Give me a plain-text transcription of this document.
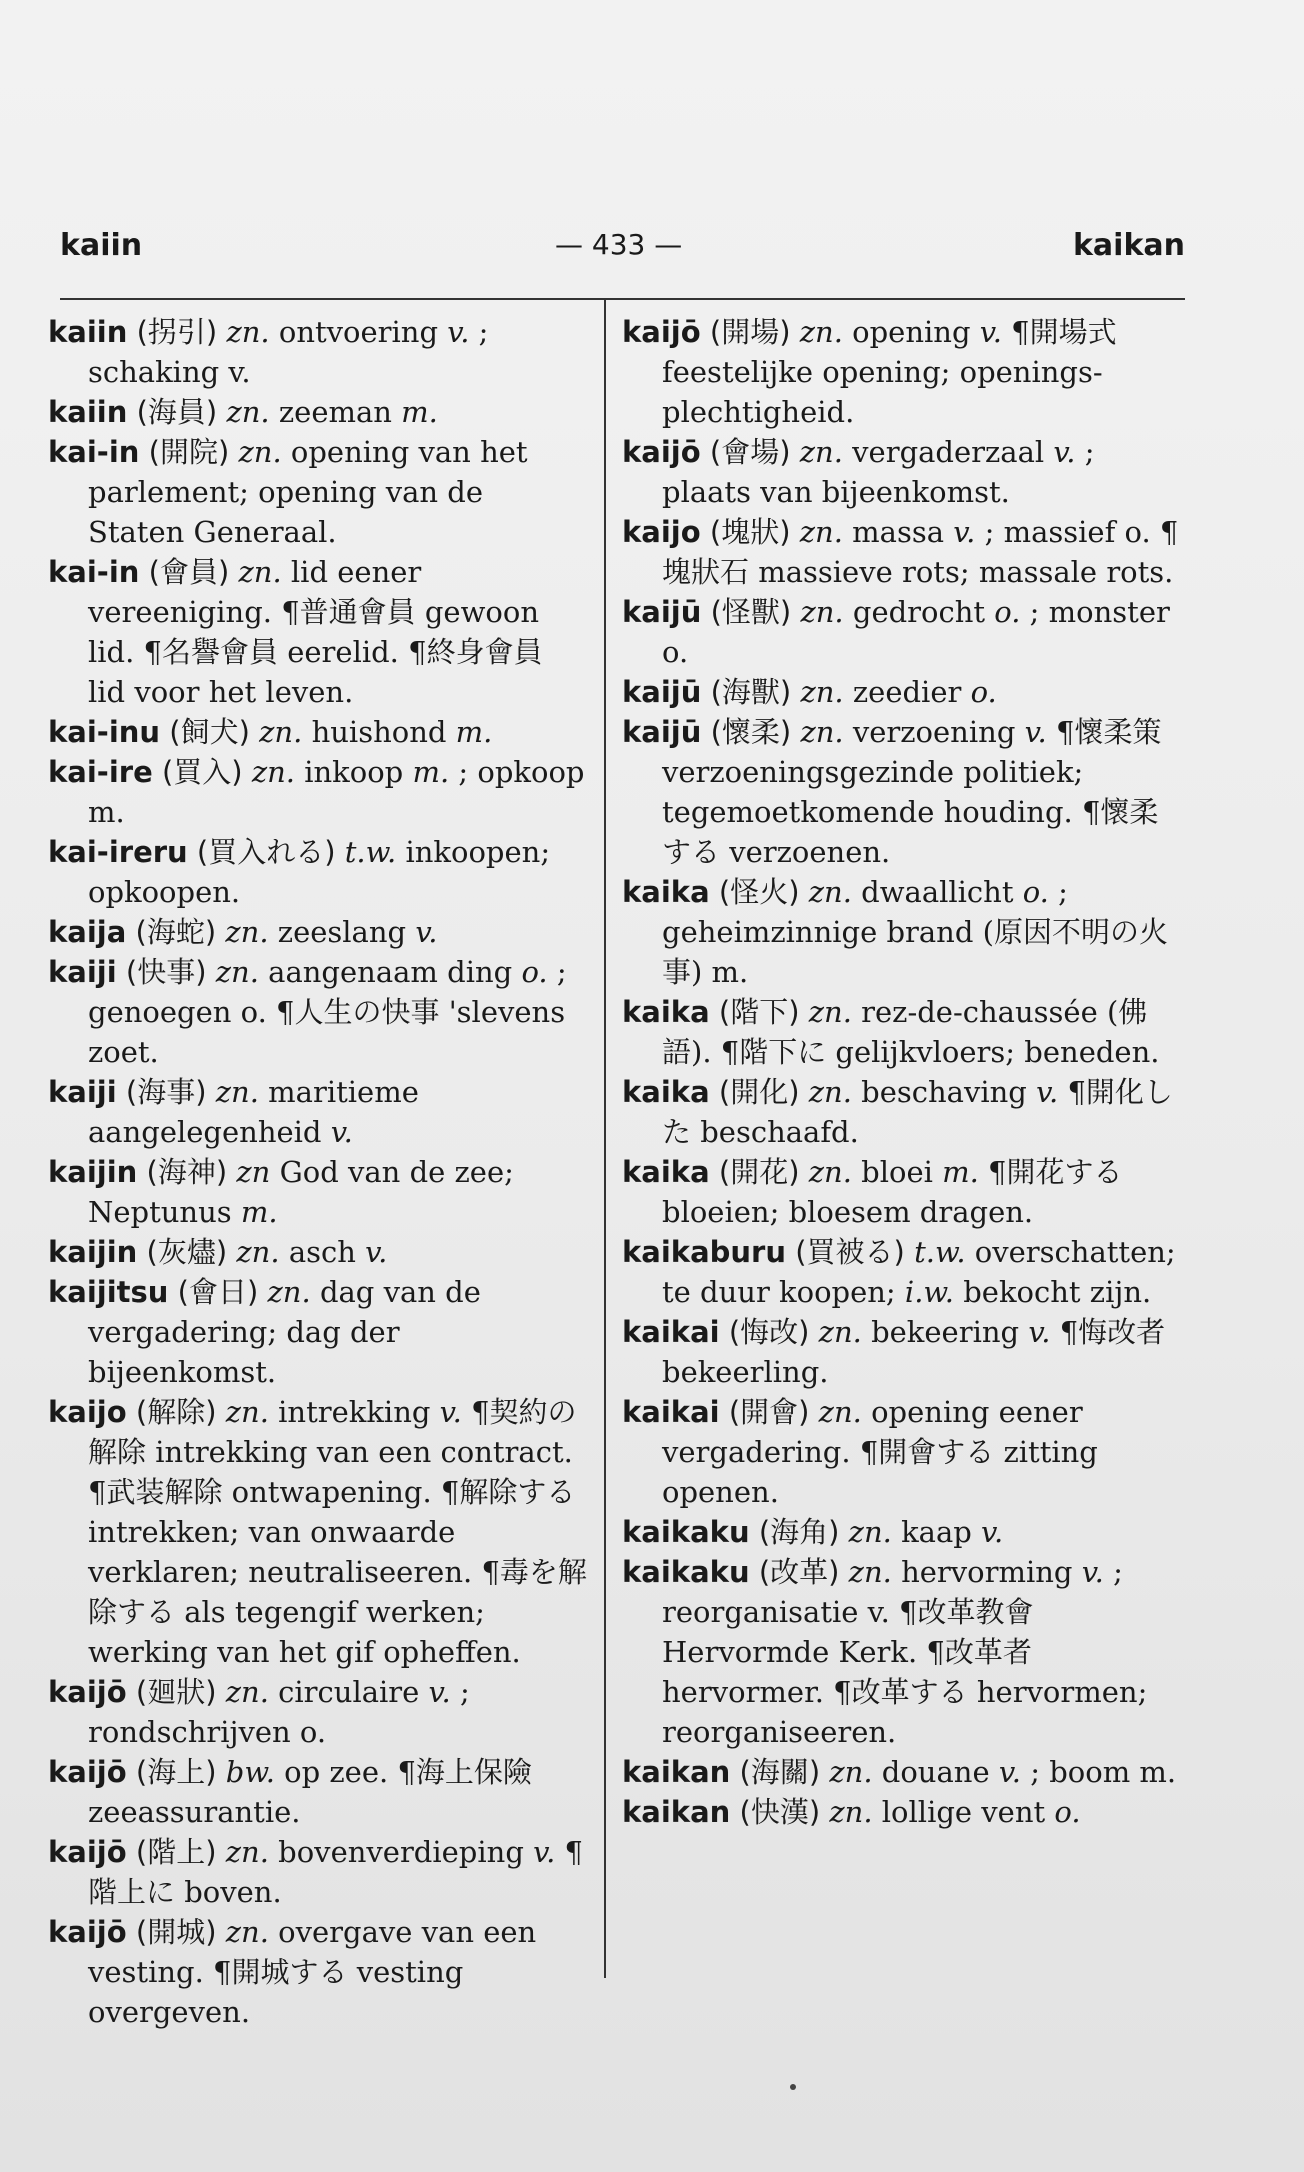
kaiin	— 433 —	kaikan

kaiin (拐引) zn. ontvoering v. ; schaking v.

kaiin (海員) zn. zeeman m.

kai-in (開院) zn. opening van het parlement; opening van de Staten Generaal.

kai-in (會員) zn. lid eener vereeniging. ¶普通會員 gewoon lid. ¶名譽會員 eerelid. ¶終身會員 lid voor het leven.

kai-inu (飼犬) zn. huishond m.

kai-ire (買入) zn. inkoop m. ; opkoop m.

kai-ireru (買入れる) t.w. inkoopen; opkoopen.

kaija (海蛇) zn. zeeslang v.

kaiji (快事) zn. aangenaam ding o. ; genoegen o. ¶人生の快事 'slevens zoet.

kaiji (海事) zn. maritieme aangelegenheid v.

kaijin (海神) zn God van de zee; Neptunus m.

kaijin (灰燼) zn. asch v.

kaijitsu (會日) zn. dag van de vergadering; dag der bijeenkomst.

kaijo (解除) zn. intrekking v. ¶契約の解除 intrekking van een contract. ¶武装解除 ontwapening. ¶解除する intrekken; van onwaarde verklaren; neutraliseeren. ¶毒を解除する als tegengif werken; werking van het gif opheffen.

kaijō (廻狀) zn. circulaire v. ; rondschrijven o.

kaijō (海上) bw. op zee. ¶海上保險 zeeassurantie.

kaijō (階上) zn. bovenverdieping v. ¶階上に boven.

kaijō (開城) zn. overgave van een vesting. ¶開城する vesting overgeven.

kaijō (開場) zn. opening v. ¶開場式 feestelijke opening; openings-plechtigheid.

kaijō (會場) zn. vergaderzaal v. ; plaats van bijeenkomst.

kaijo (塊狀) zn. massa v. ; massief o. ¶塊狀石 massieve rots; massale rots.

kaijū (怪獸) zn. gedrocht o. ; monster o.

kaijū (海獸) zn. zeedier o.

kaijū (懷柔) zn. verzoening v. ¶懷柔策 verzoeningsgezinde politiek; tegemoetkomende houding. ¶懷柔する verzoenen.

kaika (怪火) zn. dwaallicht o. ; geheimzinnige brand (原因不明の火事) m.

kaika (階下) zn. rez-de-chaussée (佛語). ¶階下に gelijkvloers; beneden.

kaika (開化) zn. beschaving v. ¶開化した beschaafd.

kaika (開花) zn. bloei m. ¶開花する bloeien; bloesem dragen.

kaikaburu (買被る) t.w. overschatten; te duur koopen; i.w. bekocht zijn.

kaikai (悔改) zn. bekeering v. ¶悔改者 bekeerling.

kaikai (開會) zn. opening eener vergadering. ¶開會する zitting openen.

kaikaku (海角) zn. kaap v.

kaikaku (改革) zn. hervorming v. ; reorganisatie v. ¶改革教會 Hervormde Kerk. ¶改革者 hervormer. ¶改革する hervormen; reorganiseeren.

kaikan (海關) zn. douane v. ; boom m.

kaikan (快漢) zn. lollige vent o.
